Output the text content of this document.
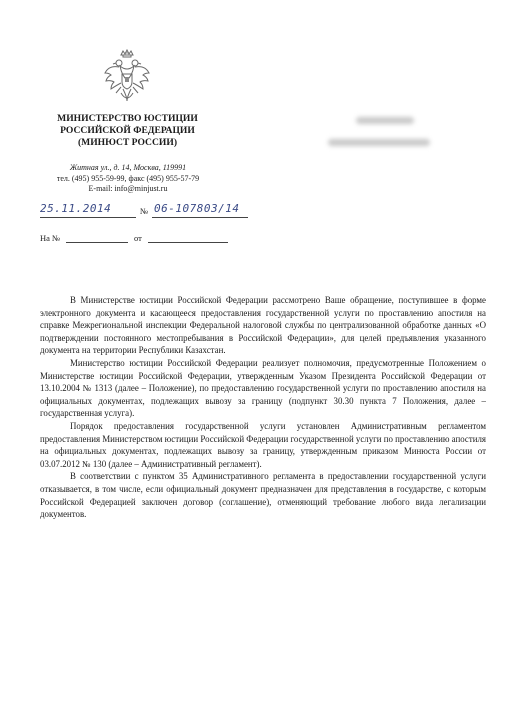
МИНИСТЕРСТВО ЮСТИЦИИ
РОССИЙСКОЙ ФЕДЕРАЦИИ
(МИНЮСТ РОССИИ)
Житная ул., д. 14, Москва, 119991
тел. (495) 955-59-99, факс (495) 955-57-79
E-mail: info@minjust.ru
25.11.2014	№ 06-107803/14
На №	от

В Министерстве юстиции Российской Федерации рассмотрено Ваше обращение, поступившее в форме электронного документа и касающееся предоставления государственной услуги по проставлению апостиля на справке Межрегиональной инспекции Федеральной налоговой службы по централизованной обработке данных «О подтверждении постоянного местопребывания в Российской Федерации», для целей предъявления указанного документа на территории Республики Казахстан.

Министерство юстиции Российской Федерации реализует полномочия, предусмотренные Положением о Министерстве юстиции Российской Федерации, утвержденным Указом Президента Российской Федерации от 13.10.2004 № 1313 (далее – Положение), по предоставлению государственной услуги по проставлению апостиля на официальных документах, подлежащих вывозу за границу (подпункт 30.30 пункта 7 Положения, далее – государственная услуга).

Порядок предоставления государственной услуги установлен Административным регламентом предоставления Министерством юстиции Российской Федерации государственной услуги по проставлению апостиля на официальных документах, подлежащих вывозу за границу, утвержденным приказом Минюста России от 03.07.2012 № 130 (далее – Административный регламент).

В соответствии с пунктом 35 Административного регламента в предоставлении государственной услуги отказывается, в том числе, если официальный документ предназначен для представления в государстве, с которым Российской Федерацией заключен договор (соглашение), отменяющий требование любого вида легализации документов.
